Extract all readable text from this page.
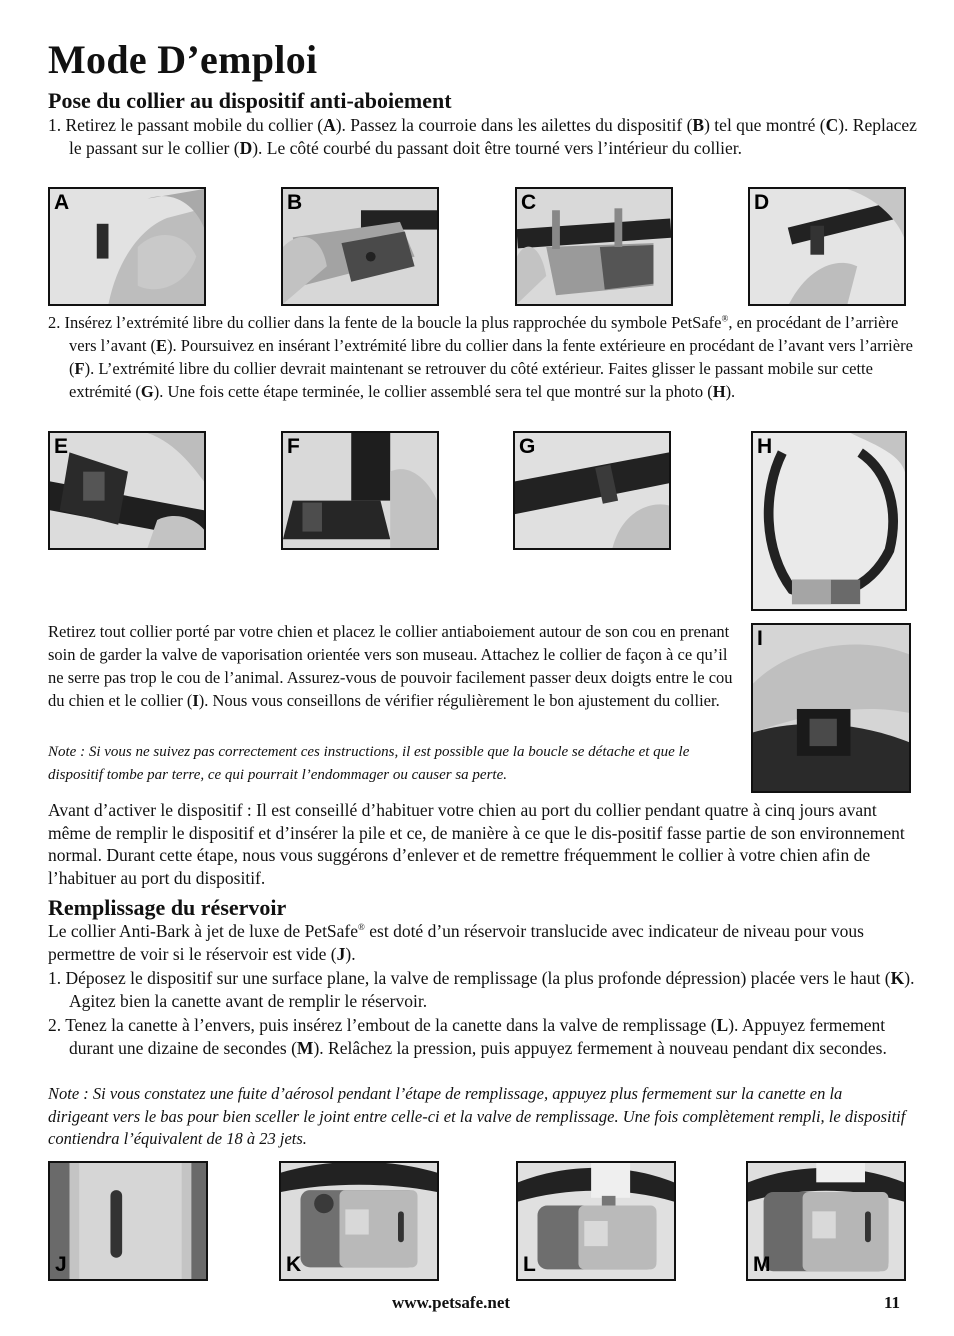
Mode D’emploi
Pose du collier au dispositif anti-aboiement

1. Retirez le passant mobile du collier (A). Passez la courroie dans les ailettes du dispositif (B) tel que montré (C). Replacez le passant sur le collier (D). Le côté courbé du passant doit être tourné vers l’intérieur du collier.

A	B	C	D

2. Insérez l’extrémité libre du collier dans la fente de la boucle la plus rapprochée du symbole PetSafe®, en procédant de l’arrière vers l’avant (E). Poursuivez en insérant l’extrémité libre du collier dans la fente extérieure en procédant de l’avant vers l’arrière (F). L’extrémité libre du collier devrait maintenant se retrouver du côté extérieur. Faites glisser le passant mobile sur cette extrémité (G). Une fois cette étape terminée, le collier assemblé sera tel que montré sur la photo (H).

E	F	G	H

Retirez tout collier porté par votre chien et placez le collier antiaboiement autour de son cou en prenant soin de garder la valve de vaporisation orientée vers son museau. Attachez le collier de façon à ce qu’il ne serre pas trop le cou de l’animal. Assurez-vous de pouvoir facilement passer deux doigts entre le cou du chien et le collier (I). Nous vous conseillons de vérifier régulièrement le bon ajustement du collier.

Note : Si vous ne suivez pas correctement ces instructions, il est possible que la boucle se détache et que le dispositif tombe par terre, ce qui pourrait l’endommager ou causer sa perte.

I

Avant d’activer le dispositif : Il est conseillé d’habituer votre chien au port du collier pendant quatre à cinq jours avant même de remplir le dispositif et d’insérer la pile et ce, de manière à ce que le dis-positif fasse partie de son environnement normal. Durant cette étape, nous vous suggérons d’enlever et de remettre fréquemment le collier à votre chien afin de l’habituer au port du dispositif.

Remplissage du réservoir

Le collier Anti-Bark à jet de luxe de PetSafe® est doté d’un réservoir translucide avec indicateur de niveau pour vous permettre de voir si le réservoir est vide (J).

1. Déposez le dispositif sur une surface plane, la valve de remplissage (la plus profonde dépression) placée vers le haut (K). Agitez bien la canette avant de remplir le réservoir.

2. Tenez la canette à l’envers, puis insérez l’embout de la canette dans la valve de remplissage (L). Appuyez fermement durant une dizaine de secondes (M). Relâchez la pression, puis appuyez fermement à nouveau pendant dix secondes.

Note : Si vous constatez une fuite d’aérosol pendant l’étape de remplissage, appuyez plus fermement sur la canette en la dirigeant vers le bas pour bien sceller le joint entre celle-ci et la valve de remplissage. Une fois complètement rempli, le dispositif contiendra l’équivalent de 18 à 23 jets.

J	K	L	M
www.petsafe.net	11
